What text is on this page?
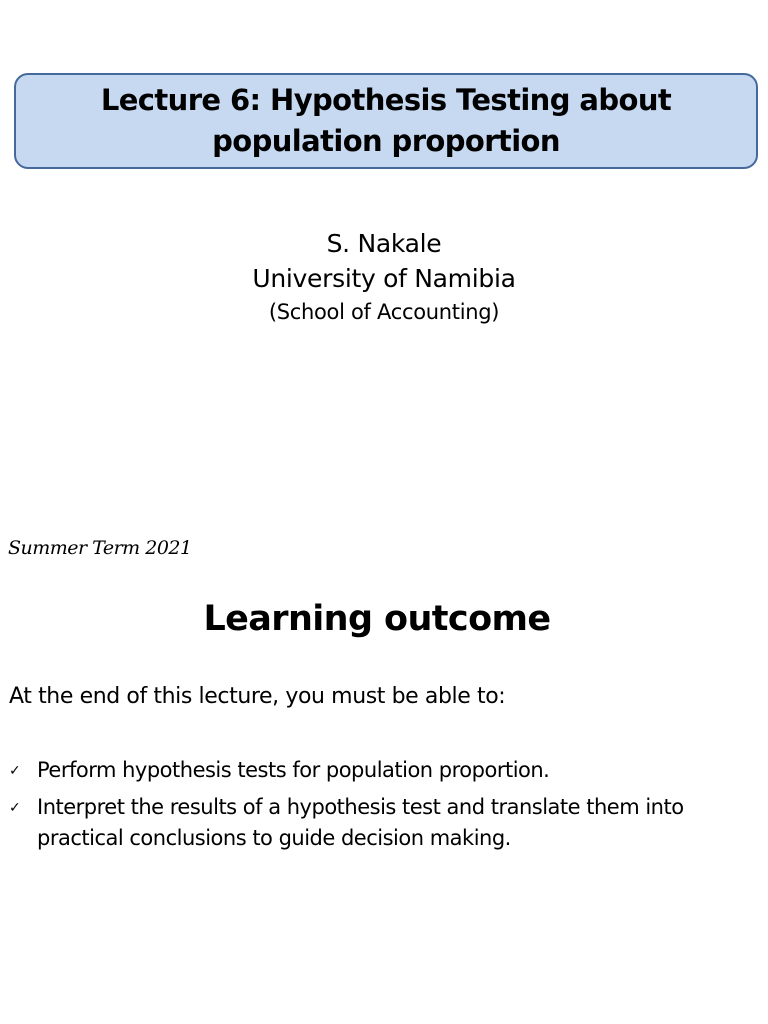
Lecture 6: Hypothesis Testing about
population proportion
S. Nakale
University of Namibia
(School of Accounting)
Summer Term 2021
Learning outcome
At the end of this lecture, you must be able to:
✓ Perform hypothesis tests for population proportion.
✓ Interpret the results of a hypothesis test and translate them into practical conclusions to guide decision making.
